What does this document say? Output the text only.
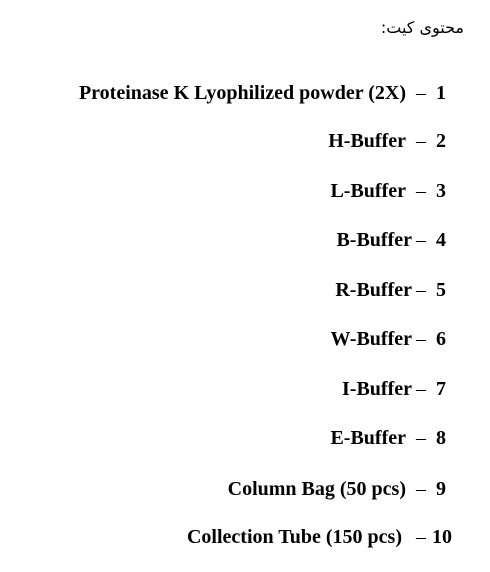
محتوی کیت:
Proteinase K Lyophilized powder (2X) – 1
H-Buffer – 2
L-Buffer – 3
B-Buffer – 4
R-Buffer – 5
W-Buffer – 6
I-Buffer – 7
E-Buffer – 8
Column Bag (50 pcs) – 9
Collection Tube (150 pcs) – 10
